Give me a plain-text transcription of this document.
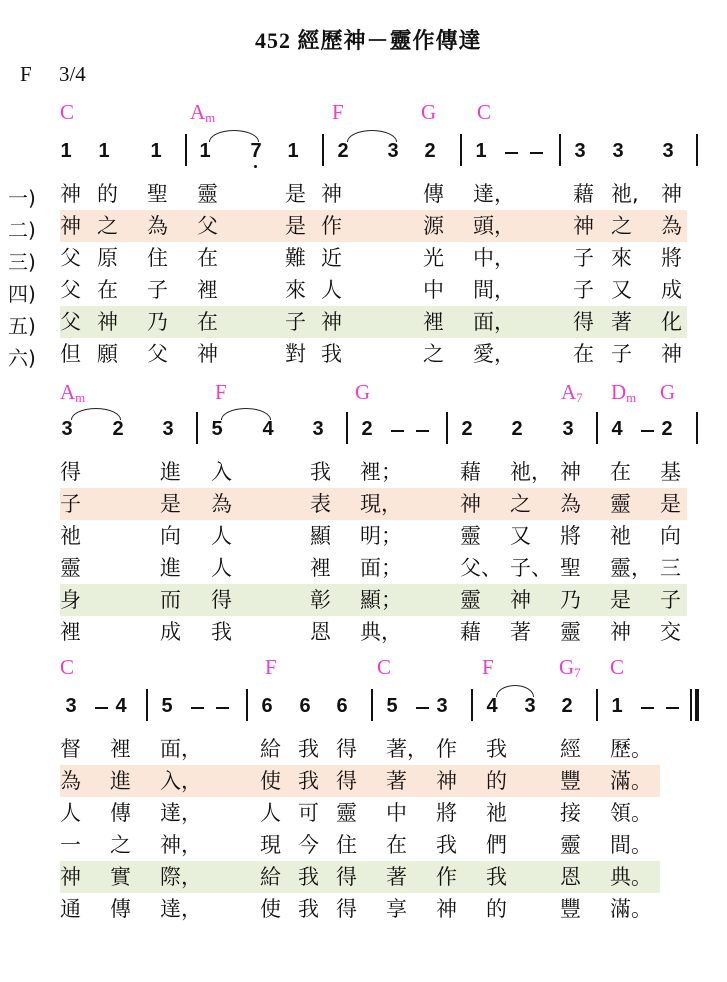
452 經歷神－靈作傳達
F 3/4
C	$A_m$	F	G C
1 1 1 1 7 1 2 3 2 1	3 3 3
一)
二)
三)
四)
五)
六)
神 的 聖 靈	是 神	傳 達，	藉 祂, 神
神 之 為 父	是 作	源 頭，	神 之 為
父 原 住 在	難 近	光 中，	子 來 將
父 在 子 裡	來 人	中 間，	子 又 成
父 神 乃 在	子 神	裡 面，	得 著 化
但 願 父 神	對 我	之 愛，	在 子 神
$A_m$	F	G	$A_7$ $D_m$ G
3 2 3 5 4 3 2	2 2 3 4 2
得	進 入	我 裡；	藉 祂， 神 在 基
子	是 為	表 現，	神 之 為 靈 是
祂	向 人	顯 明；	靈 又 將 祂 向
靈	進 人	裡 面；	父、 子、 聖 靈， 三
身	而 得	彰 顯；	靈 神 乃 是 子
裡	成 我	恩 典，	藉 著 靈 神 交
C	F	C	F	$G_7$ C
3 4 5	6 6 6 5 3 4 3 2 1
督 裡 面，	給 我 得 著， 作 我	經 歷。
為 進 入，	使 我 得 著 神 的	豐 滿。
人 傳 達，	人 可 靈 中 將 祂	接 領。
一 之 神，	現 今 住 在 我 們	靈 間。
神 實 際，	給 我 得 著 作 我	恩 典。
通 傳 達，	使 我 得 享 神 的	豐 滿。
